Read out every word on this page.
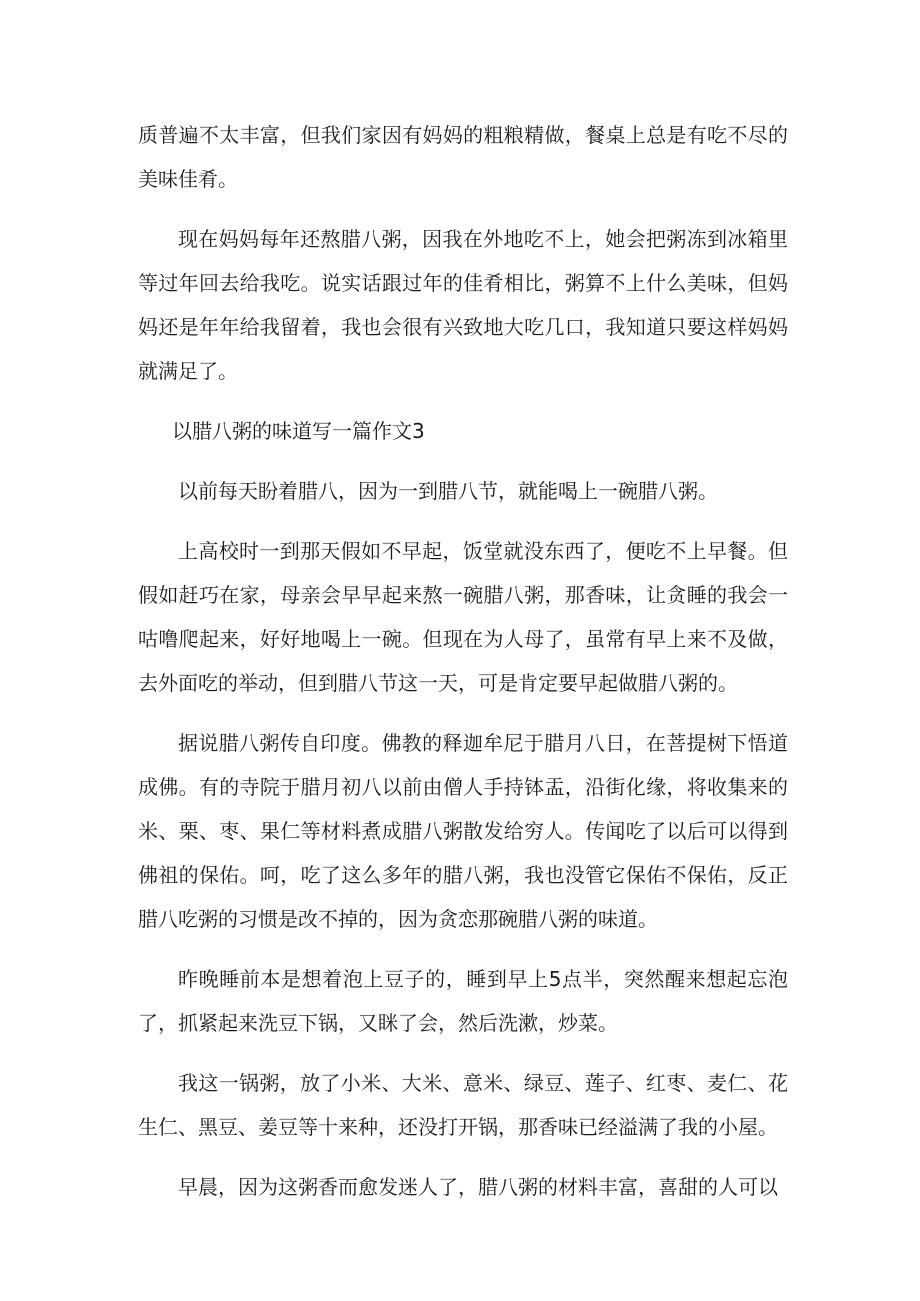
质普遍不太丰富，但我们家因有妈妈的粗粮精做，餐桌上总是有吃不尽的美味佳肴。

现在妈妈每年还熬腊八粥，因我在外地吃不上，她会把粥冻到冰箱里等过年回去给我吃。说实话跟过年的佳肴相比，粥算不上什么美味，但妈妈还是年年给我留着，我也会很有兴致地大吃几口，我知道只要这样妈妈就满足了。

以腊八粥的味道写一篇作文3

以前每天盼着腊八，因为一到腊八节，就能喝上一碗腊八粥。

上高校时一到那天假如不早起，饭堂就没东西了，便吃不上早餐。但假如赶巧在家，母亲会早早起来熬一碗腊八粥，那香味，让贪睡的我会一咕噜爬起来，好好地喝上一碗。但现在为人母了，虽常有早上来不及做，去外面吃的举动，但到腊八节这一天，可是肯定要早起做腊八粥的。

据说腊八粥传自印度。佛教的释迦牟尼于腊月八日，在菩提树下悟道成佛。有的寺院于腊月初八以前由僧人手持钵盂，沿街化缘，将收集来的米、栗、枣、果仁等材料煮成腊八粥散发给穷人。传闻吃了以后可以得到佛祖的保佑。呵，吃了这么多年的腊八粥，我也没管它保佑不保佑，反正腊八吃粥的习惯是改不掉的，因为贪恋那碗腊八粥的味道。

昨晚睡前本是想着泡上豆子的，睡到早上5点半，突然醒来想起忘泡了，抓紧起来洗豆下锅，又眯了会，然后洗漱，炒菜。

我这一锅粥，放了小米、大米、意米、绿豆、莲子、红枣、麦仁、花生仁、黑豆、姜豆等十来种，还没打开锅，那香味已经溢满了我的小屋。

早晨，因为这粥香而愈发迷人了，腊八粥的材料丰富，喜甜的人可以
